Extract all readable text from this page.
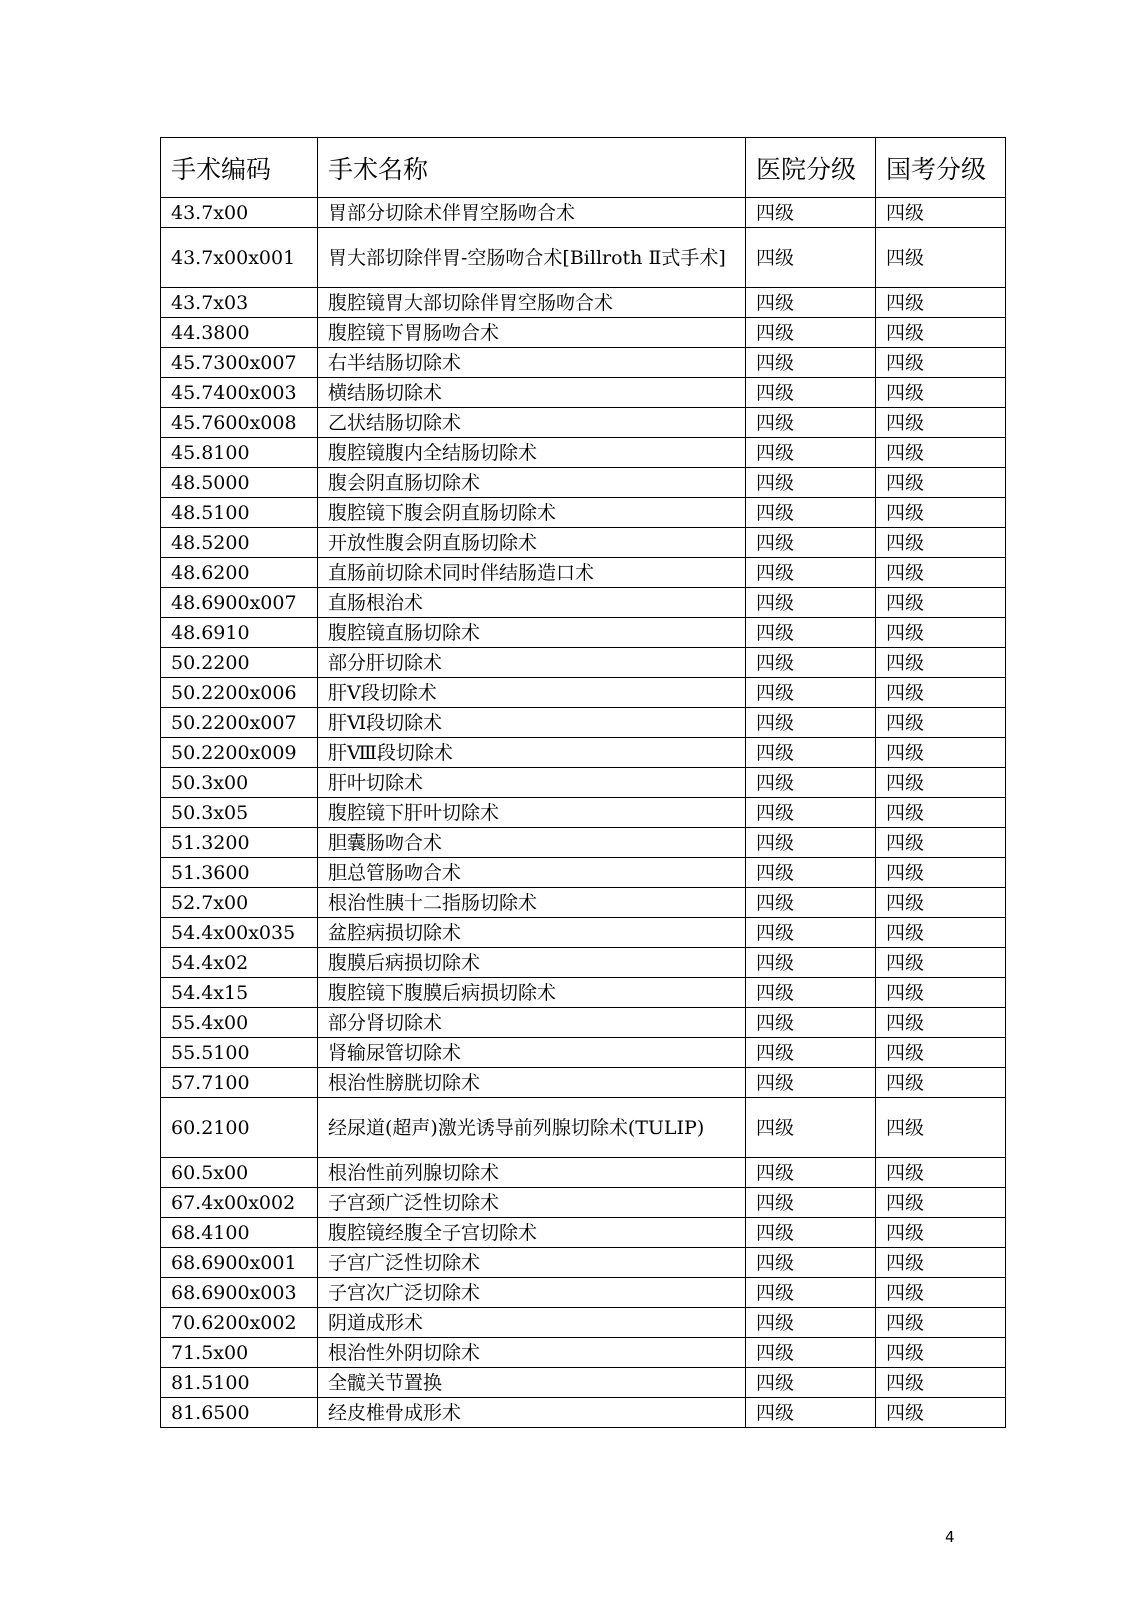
手术编码	手术名称	医院分级	国考分级
43.7x00	胃部分切除术伴胃空肠吻合术	四级	四级
43.7x00x001	胃大部切除伴胃-空肠吻合术[Billroth Ⅱ式手术]	四级	四级
43.7x03	腹腔镜胃大部切除伴胃空肠吻合术	四级	四级
44.3800	腹腔镜下胃肠吻合术	四级	四级
45.7300x007	右半结肠切除术	四级	四级
45.7400x003	横结肠切除术	四级	四级
45.7600x008	乙状结肠切除术	四级	四级
45.8100	腹腔镜腹内全结肠切除术	四级	四级
48.5000	腹会阴直肠切除术	四级	四级
48.5100	腹腔镜下腹会阴直肠切除术	四级	四级
48.5200	开放性腹会阴直肠切除术	四级	四级
48.6200	直肠前切除术同时伴结肠造口术	四级	四级
48.6900x007	直肠根治术	四级	四级
48.6910	腹腔镜直肠切除术	四级	四级
50.2200	部分肝切除术	四级	四级
50.2200x006	肝Ⅴ段切除术	四级	四级
50.2200x007	肝Ⅵ段切除术	四级	四级
50.2200x009	肝Ⅷ段切除术	四级	四级
50.3x00	肝叶切除术	四级	四级
50.3x05	腹腔镜下肝叶切除术	四级	四级
51.3200	胆囊肠吻合术	四级	四级
51.3600	胆总管肠吻合术	四级	四级
52.7x00	根治性胰十二指肠切除术	四级	四级
54.4x00x035	盆腔病损切除术	四级	四级
54.4x02	腹膜后病损切除术	四级	四级
54.4x15	腹腔镜下腹膜后病损切除术	四级	四级
55.4x00	部分肾切除术	四级	四级
55.5100	肾输尿管切除术	四级	四级
57.7100	根治性膀胱切除术	四级	四级
60.2100	经尿道(超声)激光诱导前列腺切除术(TULIP)	四级	四级
60.5x00	根治性前列腺切除术	四级	四级
67.4x00x002	子宫颈广泛性切除术	四级	四级
68.4100	腹腔镜经腹全子宫切除术	四级	四级
68.6900x001	子宫广泛性切除术	四级	四级
68.6900x003	子宫次广泛切除术	四级	四级
70.6200x002	阴道成形术	四级	四级
71.5x00	根治性外阴切除术	四级	四级
81.5100	全髋关节置换	四级	四级
81.6500	经皮椎骨成形术	四级	四级
4
